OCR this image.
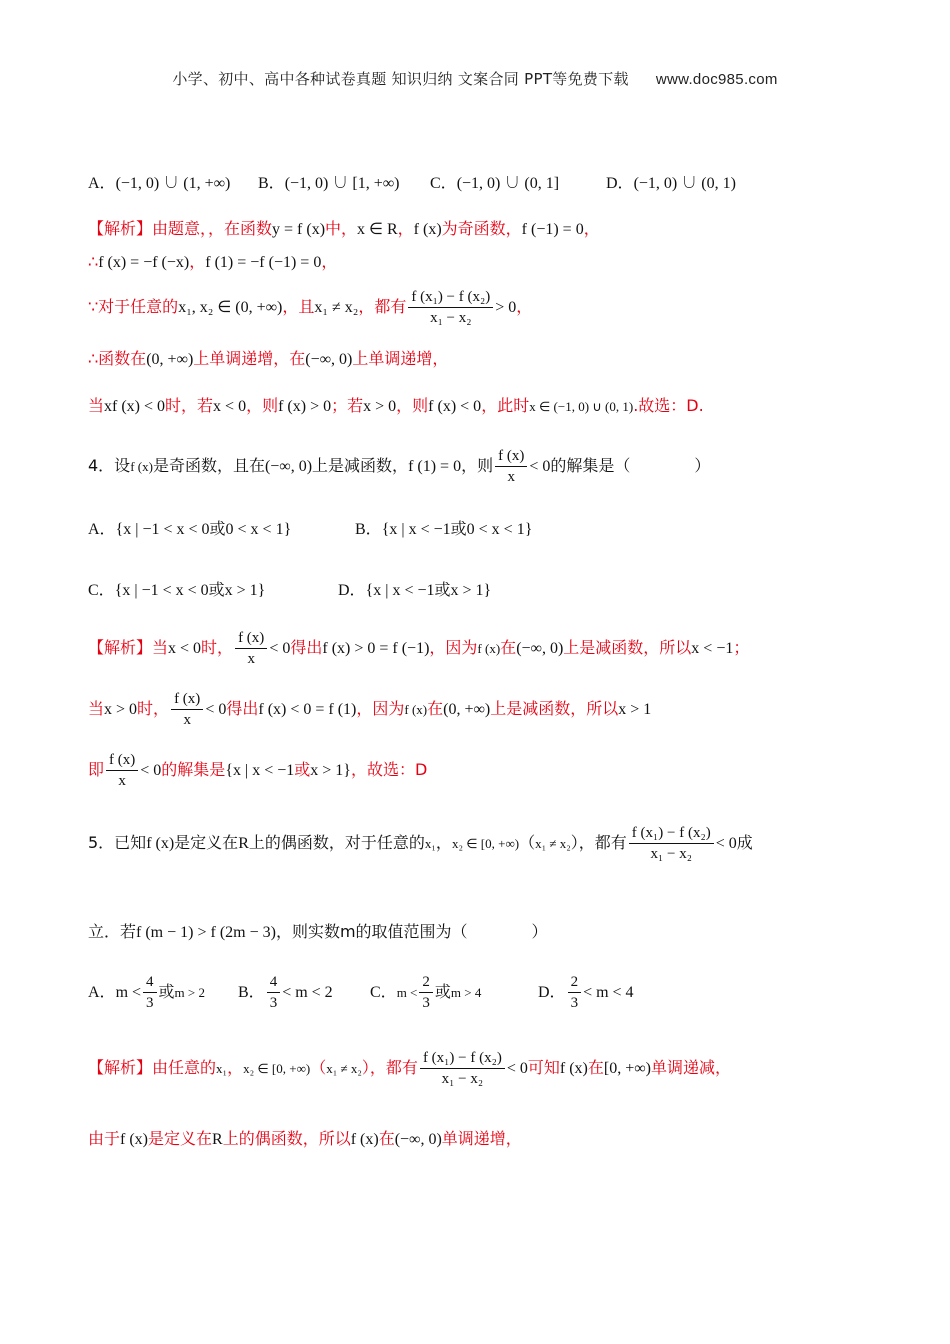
小学、初中、高中各种试卷真题 知识归纳 文案合同 PPT等免费下载 www.doc985.com
A．(−1, 0) ∪ (1, +∞) B．(−1, 0) ∪ [1, +∞) C．(−1, 0) ∪ (0, 1]	D．(−1, 0) ∪ (0, 1)
【解析】由题意，，在函数y = f (x)中，x ∈ R，f (x)为奇函数，f (−1) = 0，
∴f (x) = −f (−x)，f (1) = −f (−1) = 0，
∵对于任意的x₁, x₂ ∈ (0, +∞)，且x₁ ≠ x₂，都有 $\frac{\text{f (x₁) − f (x₂)}}{\text{x₁ − x₂}} > 0$，
∴函数在(0, +∞)上单调递增，在(−∞, 0)上单调递增，
当xf (x) < 0时，若x < 0，则f (x) > 0；若x > 0，则f (x) < 0，此时x ∈ (−1, 0) ∪ (0, 1).故选：D.
4．设f (x)是奇函数，且在(−∞, 0)上是减函数，f (1) = 0，则 $\frac{f (x)}{x} < 0$的解集是（　　　　）
A．{x | −1 < x < 0或0 < x < 1}	B．{x | x < −1或0 < x < 1}
C．{x | −1 < x < 0或x > 1}	D．{x | x < −1或x > 1}
【解析】当x < 0时， $\frac{f (x)}{x} < 0$得出f (x) > 0 = f (−1)，因为f (x)在(−∞, 0)上是减函数，所以x < −1；
当x > 0时， $\frac{f (x)}{x} < 0$得出f (x) < 0 = f (1)，因为f (x)在(0, +∞)上是减函数，所以x > 1
即 $\frac{f (x)}{x} < 0$的解集是{x | x < −1或x > 1}，故选：D
5．已知f (x)是定义在R上的偶函数，对于任意的x₁，x₂ ∈ [0, +∞)（x₁ ≠ x₂），都有 $\frac{\text{f (x₁) − f (x₂)}}{\text{x₁ − x₂}} < 0$成
立．若f (m − 1) > f (2m − 3)，则实数m的取值范围为（　　　　）
A．$m < \frac{4}{3}$ 或m > 2 B． $\frac{4}{3} < m < 2$ C．$m < \frac{2}{3}$ 或m > 4	D． $\frac{2}{3} < m < 4$
【解析】由任意的x₁，x₂ ∈ [0, +∞)（x₁ ≠ x₂），都有 $\frac{\text{f (x₁) − f (x₂)}}{\text{x₁ − x₂}} < 0$可知f (x)在[0, +∞)单调递减，
由于f (x)是定义在R上的偶函数，所以f (x)在(−∞, 0)单调递增，
